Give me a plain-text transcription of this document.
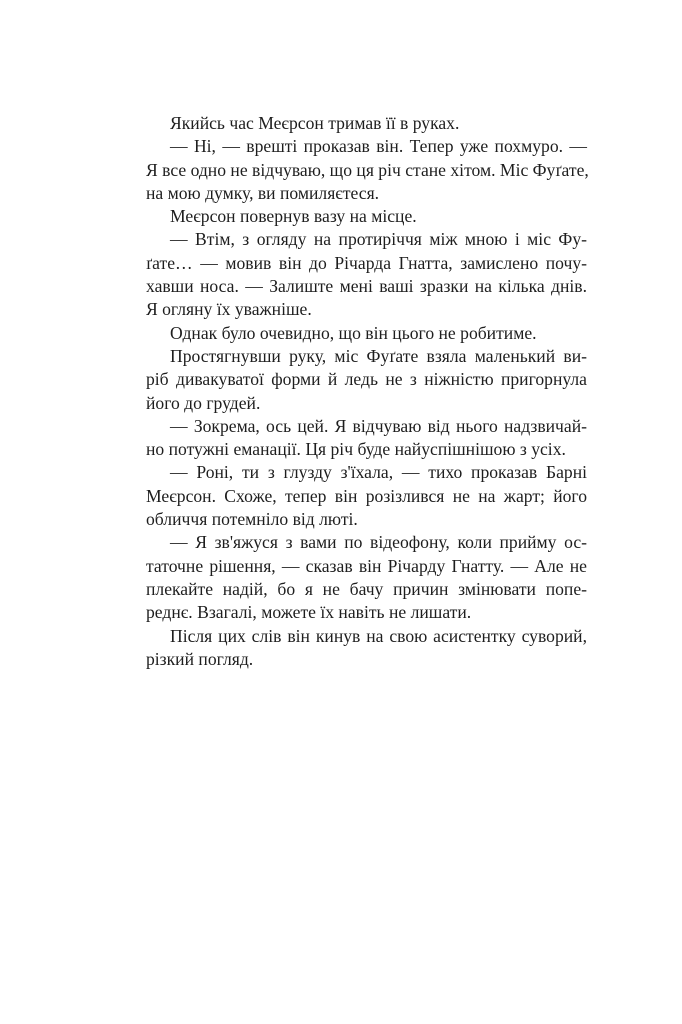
Якийсь час Меєрсон тримав її в руках.
— Ні, — врешті проказав він. Тепер уже похмуро. —
Я все одно не відчуваю, що ця річ стане хітом. Міс Фуґате,
на мою думку, ви помиляєтеся.
Меєрсон повернув вазу на місце.
— Втім, з огляду на протиріччя між мною і міс Фу-
ґате… — мовив він до Річарда Гнатта, замислено почу-
хавши носа. — Залиште мені ваші зразки на кілька днів.
Я огляну їх уважніше.
Однак було очевидно, що він цього не робитиме.
Простягнувши руку, міс Фуґате взяла маленький ви-
ріб дивакуватої форми й ледь не з ніжністю пригорнула
його до грудей.
— Зокрема, ось цей. Я відчуваю від нього надзвичай-
но потужні еманації. Ця річ буде найуспішнішою з усіх.
— Роні, ти з глузду з'їхала, — тихо проказав Барні
Меєрсон. Схоже, тепер він розізлився не на жарт; його
обличчя потемніло від люті.
— Я зв'яжуся з вами по відеофону, коли прийму ос-
таточне рішення, — сказав він Річарду Гнатту. — Але не
плекайте надій, бо я не бачу причин змінювати попе-
реднє. Взагалі, можете їх навіть не лишати.
Після цих слів він кинув на свою асистентку суворий,
різкий погляд.
